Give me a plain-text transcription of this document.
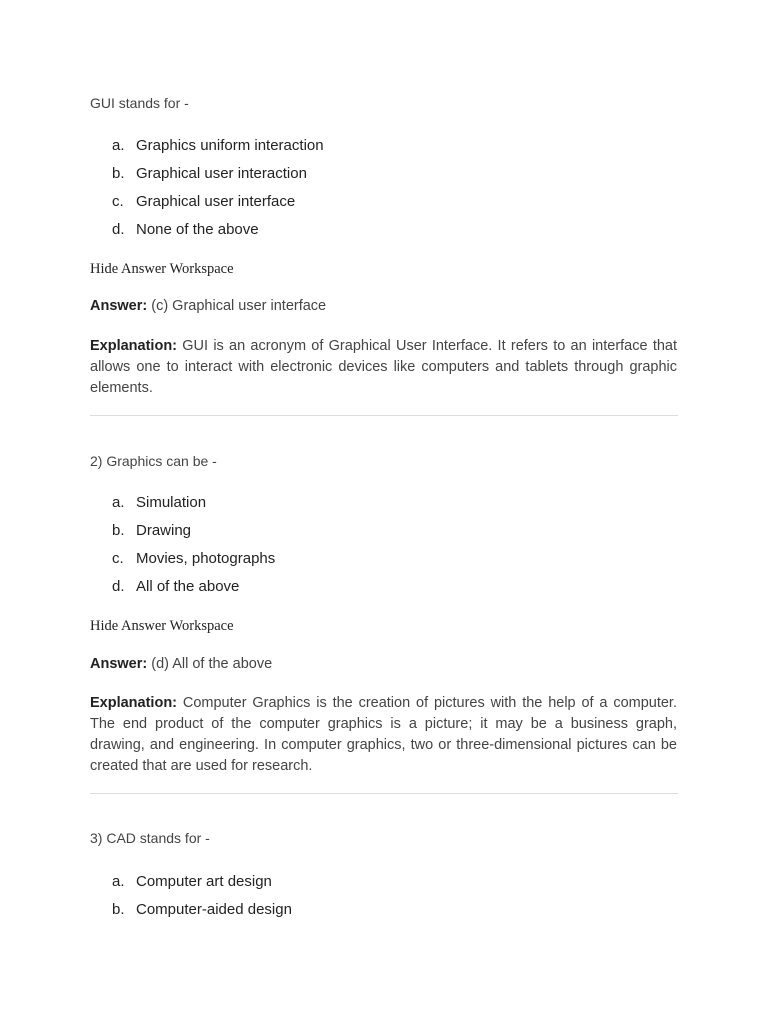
GUI stands for -
a. Graphics uniform interaction
b. Graphical user interaction
c. Graphical user interface
d. None of the above
Hide Answer Workspace
Answer: (c) Graphical user interface
Explanation: GUI is an acronym of Graphical User Interface. It refers to an interface that allows one to interact with electronic devices like computers and tablets through graphic elements.
2) Graphics can be -
a. Simulation
b. Drawing
c. Movies, photographs
d. All of the above
Hide Answer Workspace
Answer: (d) All of the above
Explanation: Computer Graphics is the creation of pictures with the help of a computer. The end product of the computer graphics is a picture; it may be a business graph, drawing, and engineering. In computer graphics, two or three-dimensional pictures can be created that are used for research.
3) CAD stands for -
a. Computer art design
b. Computer-aided design
